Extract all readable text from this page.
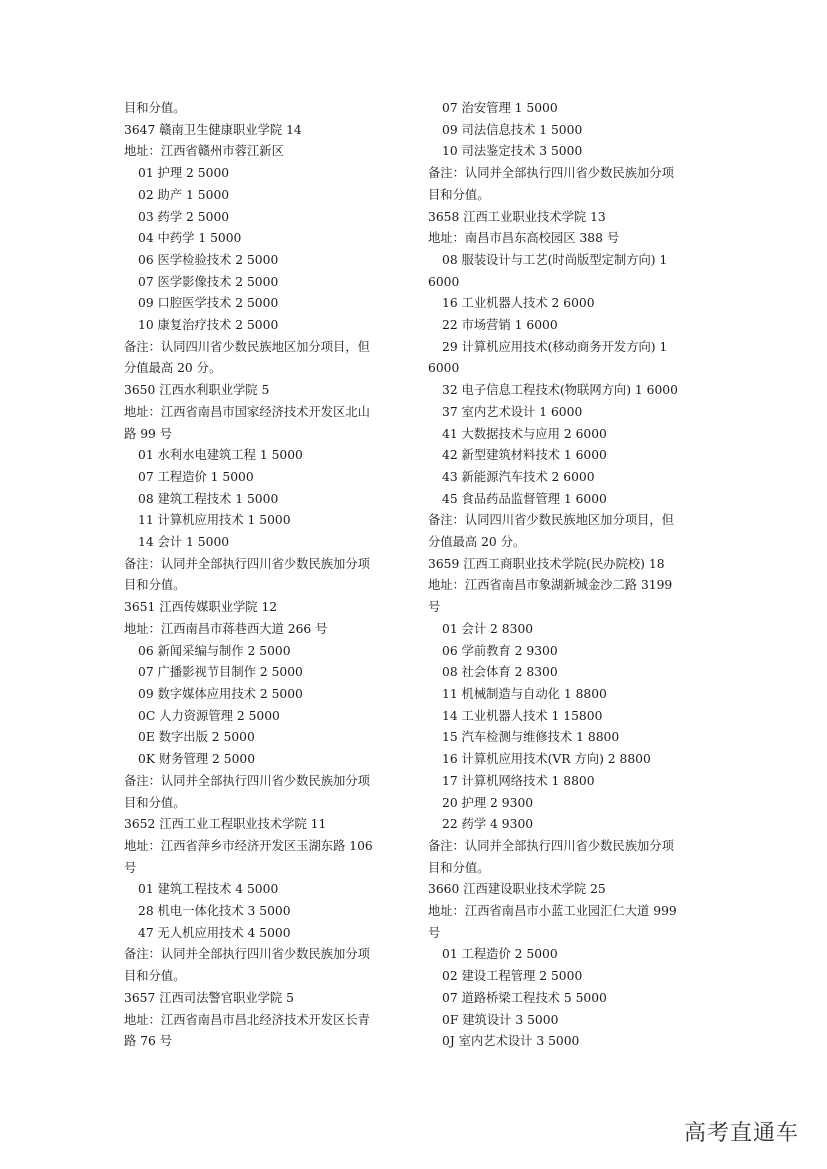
目和分值。
3647 赣南卫生健康职业学院 14
地址：江西省赣州市蓉江新区
01 护理 2 5000
02 助产 1 5000
03 药学 2 5000
04 中药学 1 5000
06 医学检验技术 2 5000
07 医学影像技术 2 5000
09 口腔医学技术 2 5000
10 康复治疗技术 2 5000
备注：认同四川省少数民族地区加分项目，但
分值最高 20 分。
3650 江西水利职业学院 5
地址：江西省南昌市国家经济技术开发区北山
路 99 号
01 水利水电建筑工程 1 5000
07 工程造价 1 5000
08 建筑工程技术 1 5000
11 计算机应用技术 1 5000
14 会计 1 5000
备注：认同并全部执行四川省少数民族加分项
目和分值。
3651 江西传媒职业学院 12
地址：江西南昌市蒋巷西大道 266 号
06 新闻采编与制作 2 5000
07 广播影视节目制作 2 5000
09 数字媒体应用技术 2 5000
0C 人力资源管理 2 5000
0E 数字出版 2 5000
0K 财务管理 2 5000
备注：认同并全部执行四川省少数民族加分项
目和分值。
3652 江西工业工程职业技术学院 11
地址：江西省萍乡市经济开发区玉湖东路 106
号
01 建筑工程技术 4 5000
28 机电一体化技术 3 5000
47 无人机应用技术 4 5000
备注：认同并全部执行四川省少数民族加分项
目和分值。
3657 江西司法警官职业学院 5
地址：江西省南昌市昌北经济技术开发区长青
路 76 号
07 治安管理 1 5000
09 司法信息技术 1 5000
10 司法鉴定技术 3 5000
备注：认同并全部执行四川省少数民族加分项
目和分值。
3658 江西工业职业技术学院 13
地址：南昌市昌东高校园区 388 号
08 服装设计与工艺(时尚版型定制方向) 1
6000
16 工业机器人技术 2 6000
22 市场营销 1 6000
29 计算机应用技术(移动商务开发方向) 1
6000
32 电子信息工程技术(物联网方向) 1 6000
37 室内艺术设计 1 6000
41 大数据技术与应用 2 6000
42 新型建筑材料技术 1 6000
43 新能源汽车技术 2 6000
45 食品药品监督管理 1 6000
备注：认同四川省少数民族地区加分项目，但
分值最高 20 分。
3659 江西工商职业技术学院(民办院校) 18
地址：江西省南昌市象湖新城金沙二路 3199
号
01 会计 2 8300
06 学前教育 2 9300
08 社会体育 2 8300
11 机械制造与自动化 1 8800
14 工业机器人技术 1 15800
15 汽车检测与维修技术 1 8800
16 计算机应用技术(VR 方向) 2 8800
17 计算机网络技术 1 8800
20 护理 2 9300
22 药学 4 9300
备注：认同并全部执行四川省少数民族加分项
目和分值。
3660 江西建设职业技术学院 25
地址：江西省南昌市小蓝工业园汇仁大道 999
号
01 工程造价 2 5000
02 建设工程管理 2 5000
07 道路桥梁工程技术 5 5000
0F 建筑设计 3 5000
0J 室内艺术设计 3 5000
高考直通车
